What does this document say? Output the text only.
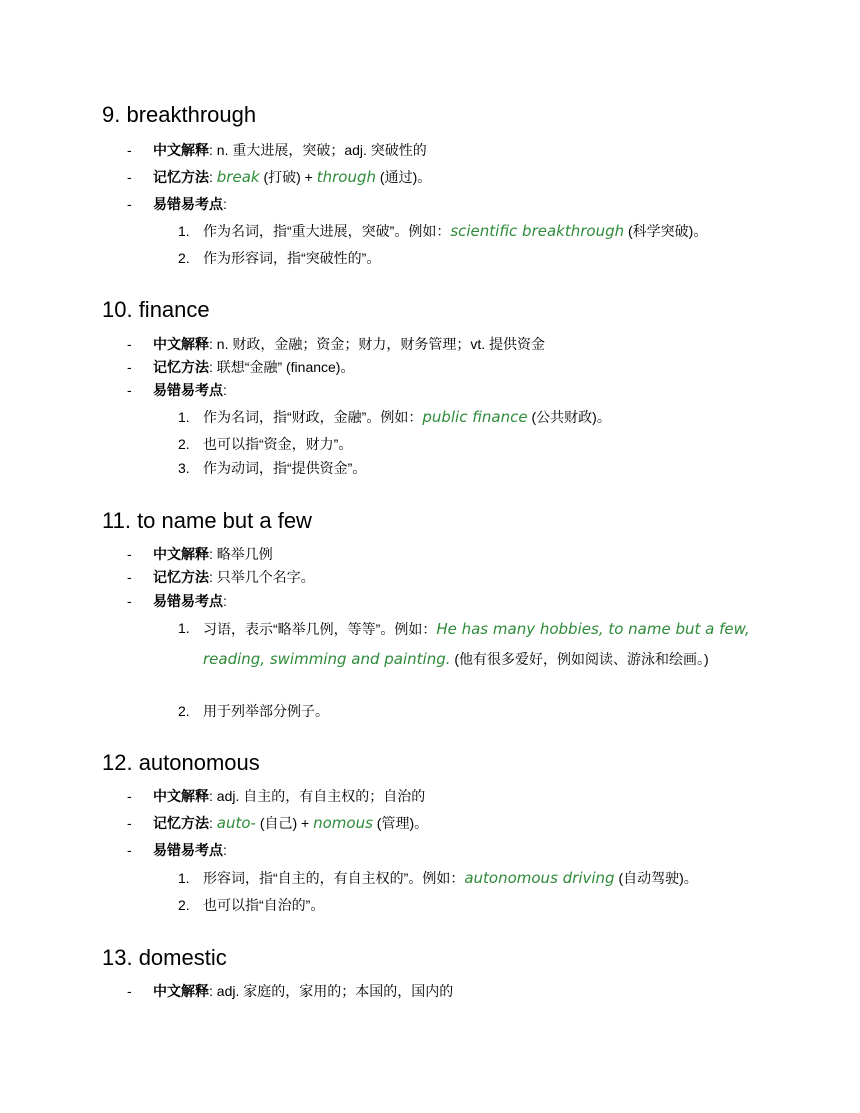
9. breakthrough
- 中文解释: n. 重大进展，突破；adj. 突破性的
- 记忆方法: break (打破) + through (通过)。
- 易错易考点:
1. 作为名词，指“重大进展，突破”。例如：scientific breakthrough (科学突破)。
2. 作为形容词，指“突破性的”。
10. finance
- 中文解释: n. 财政，金融；资金；财力，财务管理；vt. 提供资金
- 记忆方法: 联想“金融” (finance)。
- 易错易考点:
1. 作为名词，指“财政，金融”。例如：public finance (公共财政)。
2. 也可以指“资金，财力”。
3. 作为动词，指“提供资金”。
11. to name but a few
- 中文解释: 略举几例
- 记忆方法: 只举几个名字。
- 易错易考点:
1. 习语，表示“略举几例，等等”。例如：He has many hobbies, to name but a few, reading, swimming and painting. (他有很多爱好，例如阅读、游泳和绘画。)
2. 用于列举部分例子。
12. autonomous
- 中文解释: adj. 自主的，有自主权的；自治的
- 记忆方法: auto- (自己) + nomous (管理)。
- 易错易考点:
1. 形容词，指“自主的，有自主权的”。例如：autonomous driving (自动驾驶)。
2. 也可以指“自治的”。
13. domestic
- 中文解释: adj. 家庭的，家用的；本国的，国内的
